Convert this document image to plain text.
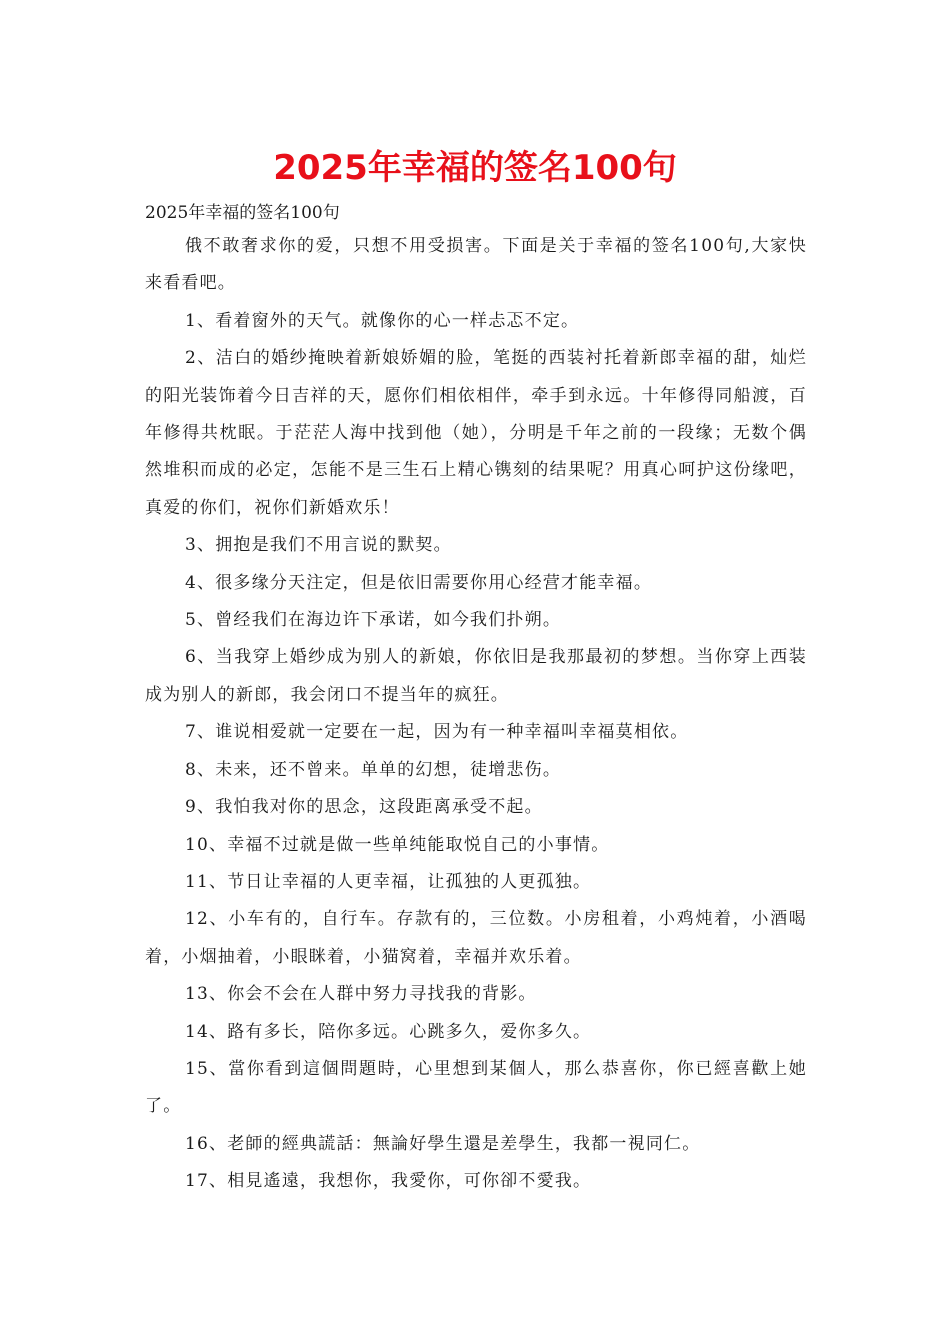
2025年幸福的签名100句

2025年幸福的签名100句

俄不敢奢求你的爱，只想不用受损害。下面是关于幸福的签名100句,大家快来看看吧。

1、看着窗外的天气。就像你的心一样忐忑不定。

2、洁白的婚纱掩映着新娘娇媚的脸，笔挺的西装衬托着新郎幸福的甜，灿烂的阳光装饰着今日吉祥的天，愿你们相依相伴，牵手到永远。十年修得同船渡，百年修得共枕眠。于茫茫人海中找到他（她），分明是千年之前的一段缘；无数个偶然堆积而成的必定，怎能不是三生石上精心镌刻的结果呢？用真心呵护这份缘吧，真爱的你们，祝你们新婚欢乐！

3、拥抱是我们不用言说的默契。

4、很多缘分天注定，但是依旧需要你用心经营才能幸福。

5、曾经我们在海边许下承诺，如今我们扑朔。

6、当我穿上婚纱成为别人的新娘，你依旧是我那最初的梦想。当你穿上西装成为别人的新郎，我会闭口不提当年的疯狂。

7、谁说相爱就一定要在一起，因为有一种幸福叫幸福莫相依。

8、未来，还不曾来。单单的幻想，徒增悲伤。

9、我怕我对你的思念，这段距离承受不起。

10、幸福不过就是做一些单纯能取悦自己的小事情。

11、节日让幸福的人更幸福，让孤独的人更孤独。

12、小车有的，自行车。存款有的，三位数。小房租着，小鸡炖着，小酒喝着，小烟抽着，小眼眯着，小猫窝着，幸福并欢乐着。

13、你会不会在人群中努力寻找我的背影。

14、路有多长，陪你多远。心跳多久，爱你多久。

15、當你看到這個問題時，心里想到某個人，那么恭喜你，你已經喜歡上她了。

16、老師的經典謊話：無論好學生還是差學生，我都一視同仁。

17、相見遙遠，我想你，我愛你，可你卻不愛我。
